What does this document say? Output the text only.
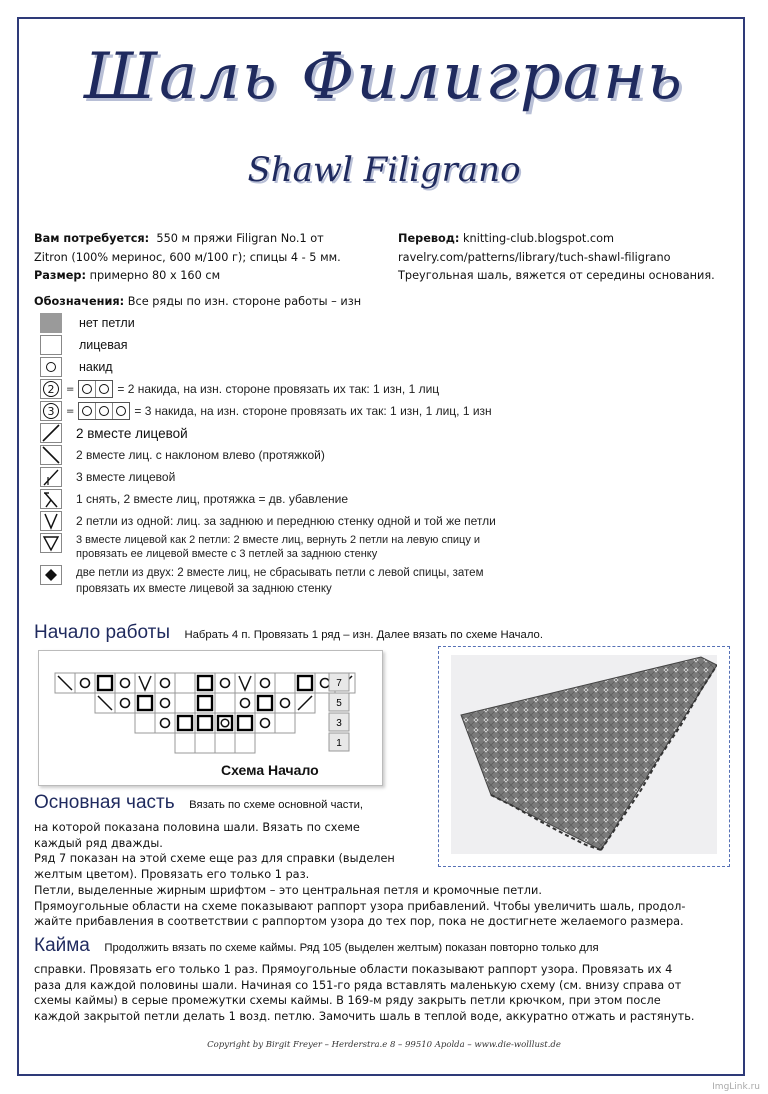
Шаль Филигрань
Shawl Filigrano
Вам потребуется: 550 м пряжи Filigran No.1 от
Zitron (100% меринос, 600 м/100 г); спицы 4 - 5 мм.
Размер: примерно 80 х 160 см
Перевод: knitting-club.blogspot.com
ravelry.com/patterns/library/tuch-shawl-filigrano
Треугольная шаль, вяжется от середины основания.
Обозначения: Все ряды по изн. стороне работы – изн
нет петли
лицевая
накид
2	=	= 2 накида, на изн. стороне провязать их так: 1 изн, 1 лиц
3	=	= 3 накида, на изн. стороне провязать их так: 1 изн, 1 лиц, 1 изн
2 вместе лицевой
2 вместе лиц. с наклоном влево (протяжкой)
3 вместе лицевой
1 снять, 2 вместе лиц, протяжка = дв. убавление
2 петли из одной: лиц. за заднюю и переднюю стенку одной и той же петли
3 вместе лицевой как 2 петли: 2 вместе лиц, вернуть 2 петли на левую спицу и
провязать ее лицевой вместе с 3 петлей за заднюю стенку
две петли из двух: 2 вместе лиц, не сбрасывать петли с левой спицы, затем
провязать их вместе лицевой за заднюю стенку
Начало работы Набрать 4 п. Провязать 1 ряд – изн. Далее вязать по схеме Начало.
7
5
3
1
Схема Начало
Основная часть Вязать по схеме основной части,
на которой показана половина шали. Вязать по схеме
каждый ряд дважды.
Ряд 7 показан на этой схеме еще раз для справки (выделен
желтым цветом). Провязать его только 1 раз.
Петли, выделенные жирным шрифтом – это центральная петля и кромочные петли.
Прямоугольные области на схеме показывают раппорт узора прибавлений. Чтобы увеличить шаль, продол-
жайте прибавления в соответствии с раппортом узора до тех пор, пока не достигнете желаемого размера.
Кайма Продолжить вязать по схеме каймы. Ряд 105 (выделен желтым) показан повторно только для
справки. Провязать его только 1 раз. Прямоугольные области показывают раппорт узора. Провязать их 4
раза для каждой половины шали. Начиная со 151-го ряда вставлять маленькую схему (см. внизу справа от
схемы каймы) в серые промежутки схемы каймы. В 169-м ряду закрыть петли крючком, при этом после
каждой закрытой петли делать 1 возд. петлю. Замочить шаль в теплой воде, аккуратно отжать и растянуть.
Copyright by Birgit Freyer – Herderstra.e 8 – 99510 Apolda – www.die-wolllust.de
ImgLink.ru
